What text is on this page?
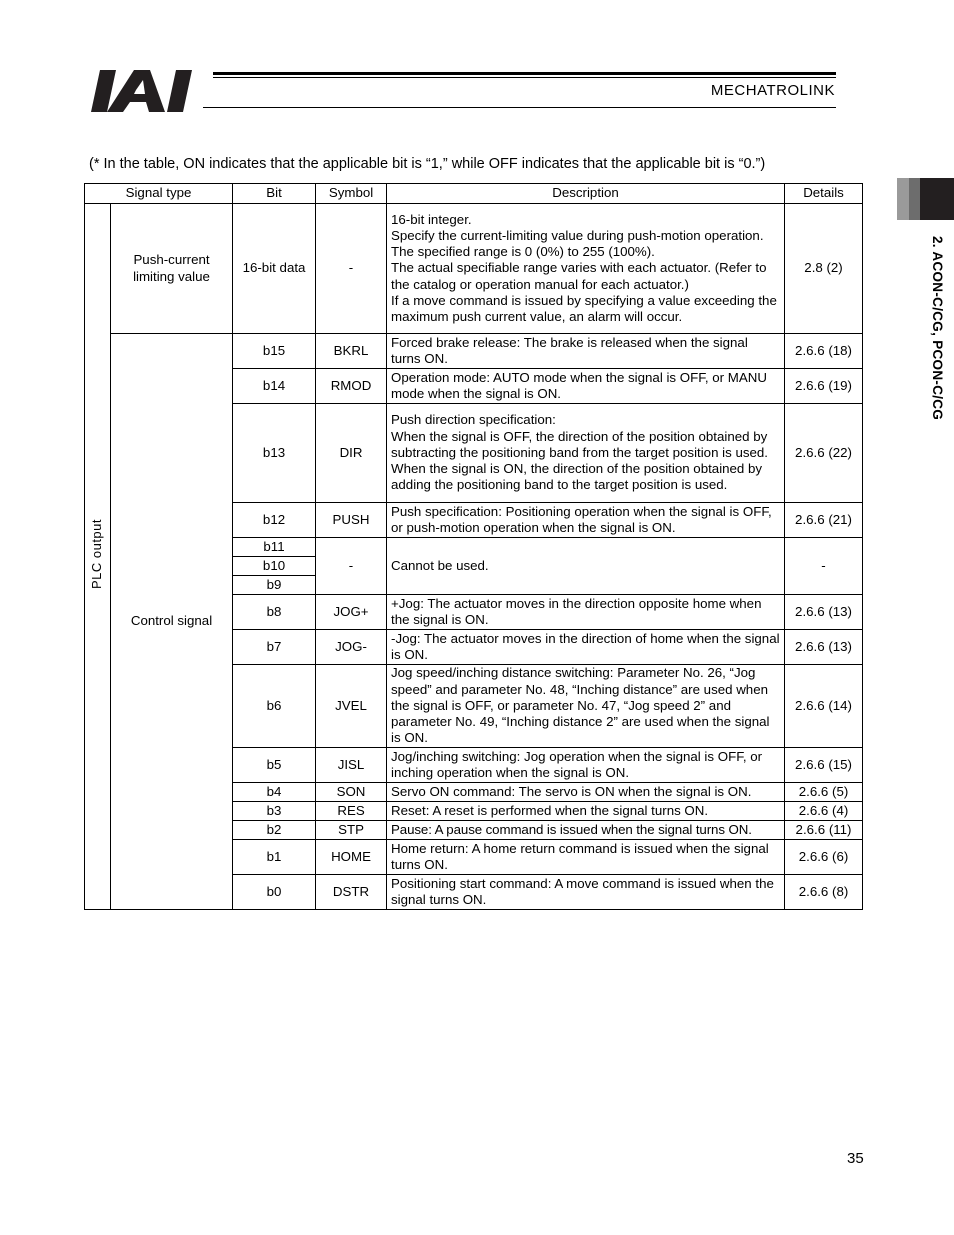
MECHATROLINK
2. ACON-C/CG, PCON-C/CG
(* In the table, ON indicates that the applicable bit is “1,” while OFF indicates that the applicable bit is “0.”)
Signal type		Bit	Symbol	Description	Details
PLC output	Push-current limiting value	16-bit data	-	16-bit integer.
Specify the current-limiting value during push-motion operation.
The specified range is 0 (0%) to 255 (100%).
The actual specifiable range varies with each actuator. (Refer to the catalog or operation manual for each actuator.)
If a move command is issued by specifying a value exceeding the maximum push current value, an alarm will occur.	2.8 (2)
	Control signal	b15	BKRL	Forced brake release: The brake is released when the signal turns ON.	2.6.6 (18)
		b14	RMOD	Operation mode: AUTO mode when the signal is OFF, or MANU mode when the signal is ON.	2.6.6 (19)
		b13	DIR	Push direction specification:
When the signal is OFF, the direction of the position obtained by subtracting the positioning band from the target position is used.
When the signal is ON, the direction of the position obtained by adding the positioning band to the target position is used.	2.6.6 (22)
		b12	PUSH	Push specification: Positioning operation when the signal is OFF, or push-motion operation when the signal is ON.	2.6.6 (21)
		b11	-	Cannot be used.	-
		b10			
		b9			
		b8	JOG+	+Jog: The actuator moves in the direction opposite home when the signal is ON.	2.6.6 (13)
		b7	JOG-	-Jog: The actuator moves in the direction of home when the signal is ON.	2.6.6 (13)
		b6	JVEL	Jog speed/inching distance switching: Parameter No. 26, “Jog speed” and parameter No. 48, “Inching distance” are used when the signal is OFF, or parameter No. 47, “Jog speed 2” and parameter No. 49, “Inching distance 2” are used when the signal is ON.	2.6.6 (14)
		b5	JISL	Jog/inching switching: Jog operation when the signal is OFF, or inching operation when the signal is ON.	2.6.6 (15)
		b4	SON	Servo ON command: The servo is ON when the signal is ON.	2.6.6 (5)
		b3	RES	Reset: A reset is performed when the signal turns ON.	2.6.6 (4)
		b2	STP	Pause: A pause command is issued when the signal turns ON.	2.6.6 (11)
		b1	HOME	Home return: A home return command is issued when the signal turns ON.	2.6.6 (6)
		b0	DSTR	Positioning start command: A move command is issued when the signal turns ON.	2.6.6 (8)
35
